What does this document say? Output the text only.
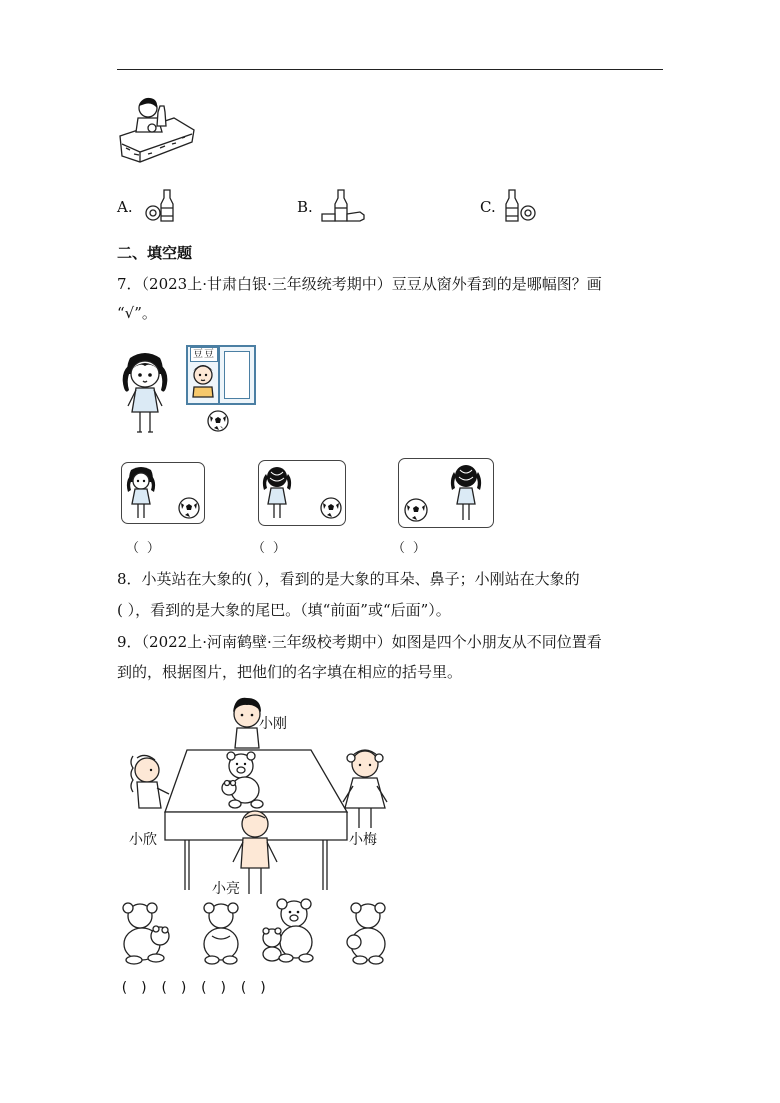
A.	B.	C.
二、填空题
7．（2023上·甘肃白银·三年级统考期中）豆豆从窗外看到的是哪幅图？画
“√”。
豆豆
（ ）	（ ）	（ ）
8．小英站在大象的( ），看到的是大象的耳朵、鼻子；小刚站在大象的
( ），看到的是大象的尾巴。（填“前面”或“后面”）。
9．（2022上·河南鹤壁·三年级校考期中）如图是四个小朋友从不同位置看
到的，根据图片，把他们的名字填在相应的括号里。
小刚
小欣	小梅
小亮
( ) ( ) ( ) ( )
